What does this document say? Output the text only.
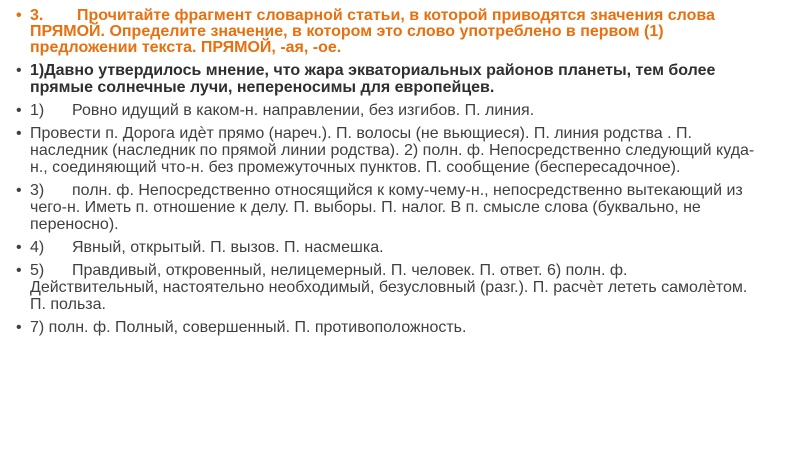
• 3. Прочитайте фрагмент словарной статьи, в которой приводятся значения слова ПРЯМОЙ. Определите значение, в котором это слово употреблено в первом (1) предложении текста. ПРЯМОЙ, -ая, -ое.
• 1)Давно утвердилось мнение, что жара экваториальных районов планеты, тем более прямые солнечные лучи, непереносимы для европейцев.
• 1) Ровно идущий в каком-н. направлении, без изгибов. П. линия.
• Провести п. Дорога идѐт прямо (нареч.). П. волосы (не вьющиеся). П. линия родства . П. наследник (наследник по прямой линии родства). 2) полн. ф. Непосредственно следующий куда-н., соединяющий что-н. без промежуточных пунктов. П. сообщение (беспересадочное).
• 3) полн. ф. Непосредственно относящийся к кому-чему-н., непосредственно вытекающий из чего-н. Иметь п. отношение к делу. П. выборы. П. налог. В п. смысле слова (буквально, не переносно).
• 4) Явный, открытый. П. вызов. П. насмешка.
• 5) Правдивый, откровенный, нелицемерный. П. человек. П. ответ. 6) полн. ф. Действительный, настоятельно необходимый, безусловный (разг.). П. расчѐт лететь самолѐтом. П. польза.
• 7) полн. ф. Полный, совершенный. П. противоположность.
